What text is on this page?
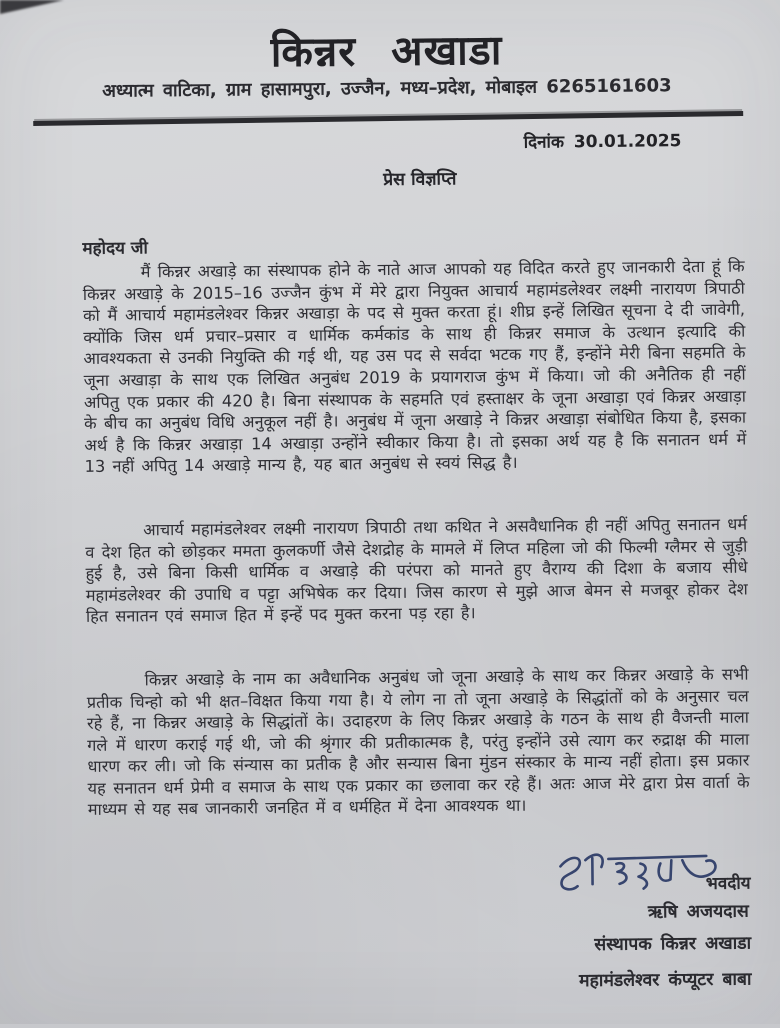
किन्नर अखाडा
अध्यात्म वाटिका, ग्राम हासामपुरा, उज्जैन, मध्य–प्रदेश, मोबाइल 6265161603
दिनांक 30.01.2025
प्रेस विज्ञप्ति
महोदय जी

मैं किन्नर अखाड़े का संस्थापक होने के नाते आज आपको यह विदित करते हुए जानकारी देता हूं कि किन्नर अखाड़े के 2015–16 उज्जैन कुंभ में मेरे द्वारा नियुक्त आचार्य महामंडलेश्वर लक्ष्मी नारायण त्रिपाठी को मैं आचार्य महामंडलेश्वर किन्नर अखाड़ा के पद से मुक्त करता हूं। शीघ्र इन्हें लिखित सूचना दे दी जावेगी, क्योंकि जिस धर्म प्रचार–प्रसार व धार्मिक कर्मकांड के साथ ही किन्नर समाज के उत्थान इत्यादि की आवश्यकता से उनकी नियुक्ति की गई थी, यह उस पद से सर्वदा भटक गए हैं, इन्होंने मेरी बिना सहमति के जूना अखाड़ा के साथ एक लिखित अनुबंध 2019 के प्रयागराज कुंभ में किया। जो की अनैतिक ही नहीं अपितु एक प्रकार की 420 है। बिना संस्थापक के सहमति एवं हस्ताक्षर के जूना अखाड़ा एवं किन्नर अखाड़ा के बीच का अनुबंध विधि अनुकूल नहीं है। अनुबंध में जूना अखाड़े ने किन्नर अखाड़ा संबोधित किया है, इसका अर्थ है कि किन्नर अखाड़ा 14 अखाड़ा उन्होंने स्वीकार किया है। तो इसका अर्थ यह है कि सनातन धर्म में 13 नहीं अपितु 14 अखाड़े मान्य है, यह बात अनुबंध से स्वयं सिद्ध है।

आचार्य महामंडलेश्वर लक्ष्मी नारायण त्रिपाठी तथा कथित ने असवैधानिक ही नहीं अपितु सनातन धर्म व देश हित को छोड़कर ममता कुलकर्णी जैसे देशद्रोह के मामले में लिप्त महिला जो की फिल्मी ग्लैमर से जुड़ी हुई है, उसे बिना किसी धार्मिक व अखाड़े की परंपरा को मानते हुए वैराग्य की दिशा के बजाय सीधे महामंडलेश्वर की उपाधि व पट्टा अभिषेक कर दिया। जिस कारण से मुझे आज बेमन से मजबूर होकर देश हित सनातन एवं समाज हित में इन्हें पद मुक्त करना पड़ रहा है।

किन्नर अखाड़े के नाम का अवैधानिक अनुबंध जो जूना अखाड़े के साथ कर किन्नर अखाड़े के सभी प्रतीक चिन्हो को भी क्षत–विक्षत किया गया है। ये लोग ना तो जूना अखाड़े के सिद्धांतों को के अनुसार चल रहे हैं, ना किन्नर अखाड़े के सिद्धांतों के। उदाहरण के लिए किन्नर अखाड़े के गठन के साथ ही वैजन्ती माला गले में धारण कराई गई थी, जो की श्रृंगार की प्रतीकात्मक है, परंतु इन्होंने उसे त्याग कर रुद्राक्ष की माला धारण कर ली। जो कि संन्यास का प्रतीक है और सन्यास बिना मुंडन संस्कार के मान्य नहीं होता। इस प्रकार यह सनातन धर्म प्रेमी व समाज के साथ एक प्रकार का छलावा कर रहे हैं। अतः आज मेरे द्वारा प्रेस वार्ता के माध्यम से यह सब जानकारी जनहित में व धर्महित में देना आवश्यक था।

भवदीय
ऋषि अजयदास
संस्थापक किन्नर अखाडा
महामंडलेश्वर कंप्यूटर बाबा
